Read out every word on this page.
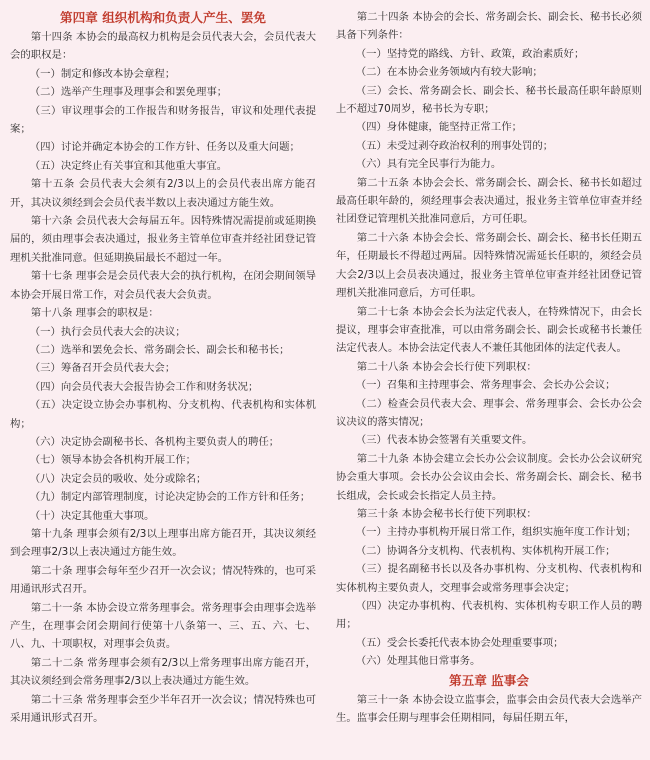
第四章 组织机构和负责人产生、罢免

第十四条 本协会的最高权力机构是会员代表大会，会员代表大会的职权是：

（一）制定和修改本协会章程；

（二）选举产生理事及理事会和罢免理事；

（三）审议理事会的工作报告和财务报告，审议和处理代表提案；

（四）讨论并确定本协会的工作方针、任务以及重大问题；

（五）决定终止有关事宜和其他重大事宜。

第十五条 会员代表大会须有2/3以上的会员代表出席方能召开，其决议须经到会会员代表半数以上表决通过方能生效。

第十六条 会员代表大会每届五年。因特殊情况需提前或延期换届的，须由理事会表决通过，报业务主管单位审查并经社团登记管理机关批准同意。但延期换届最长不超过一年。

第十七条 理事会是会员代表大会的执行机构，在闭会期间领导本协会开展日常工作，对会员代表大会负责。

第十八条 理事会的职权是：

（一）执行会员代表大会的决议；

（二）选举和罢免会长、常务副会长、副会长和秘书长；

（三）筹备召开会员代表大会；

（四）向会员代表大会报告协会工作和财务状况；

（五）决定设立协会办事机构、分支机构、代表机构和实体机构；

（六）决定协会副秘书长、各机构主要负责人的聘任；

（七）领导本协会各机构开展工作；

（八）决定会员的吸收、处分或除名；

（九）制定内部管理制度，讨论决定协会的工作方针和任务；

（十）决定其他重大事项。

第十九条 理事会须有2/3以上理事出席方能召开，其决议须经到会理事2/3以上表决通过方能生效。

第二十条 理事会每年至少召开一次会议；情况特殊的，也可采用通讯形式召开。

第二十一条 本协会设立常务理事会。常务理事会由理事会选举产生，在理事会闭会期间行使第十八条第一、三、五、六、七、八、九、十项职权，对理事会负责。

第二十二条 常务理事会须有2/3以上常务理事出席方能召开，其决议须经到会常务理事2/3以上表决通过方能生效。

第二十三条 常务理事会至少半年召开一次会议；情况特殊也可采用通讯形式召开。

第二十四条 本协会的会长、常务副会长、副会长、秘书长必须具备下列条件：

（一）坚持党的路线、方针、政策，政治素质好；

（二）在本协会业务领域内有较大影响；

（三）会长、常务副会长、副会长、秘书长最高任职年龄原则上不超过70周岁，秘书长为专职；

（四）身体健康，能坚持正常工作；

（五）未受过剥夺政治权利的刑事处罚的；

（六）具有完全民事行为能力。

第二十五条 本协会会长、常务副会长、副会长、秘书长如超过最高任职年龄的，须经理事会表决通过，报业务主管单位审查并经社团登记管理机关批准同意后，方可任职。

第二十六条 本协会会长、常务副会长、副会长、秘书长任期五年，任期最长不得超过两届。因特殊情况需延长任职的，须经会员大会2/3以上会员表决通过，报业务主管单位审查并经社团登记管理机关批准同意后，方可任职。

第二十七条 本协会会长为法定代表人，在特殊情况下，由会长提议，理事会审查批准，可以由常务副会长、副会长或秘书长兼任法定代表人。本协会法定代表人不兼任其他团体的法定代表人。

第二十八条 本协会会长行使下列职权：

（一）召集和主持理事会、常务理事会、会长办公会议；

（二）检查会员代表大会、理事会、常务理事会、会长办公会议决议的落实情况；

（三）代表本协会签署有关重要文件。

第二十九条 本协会建立会长办公会议制度。会长办公会议研究协会重大事项。会长办公会议由会长、常务副会长、副会长、秘书长组成，会长或会长指定人员主持。

第三十条 本协会秘书长行使下列职权：

（一）主持办事机构开展日常工作，组织实施年度工作计划；

（二）协调各分支机构、代表机构、实体机构开展工作；

（三）提名副秘书长以及各办事机构、分支机构、代表机构和实体机构主要负责人，交理事会或常务理事会决定；

（四）决定办事机构、代表机构、实体机构专职工作人员的聘用；

（五）受会长委托代表本协会处理重要事项；

（六）处理其他日常事务。

第五章 监事会

第三十一条 本协会设立监事会，监事会由会员代表大会选举产生。监事会任期与理事会任期相同，每届任期五年，
